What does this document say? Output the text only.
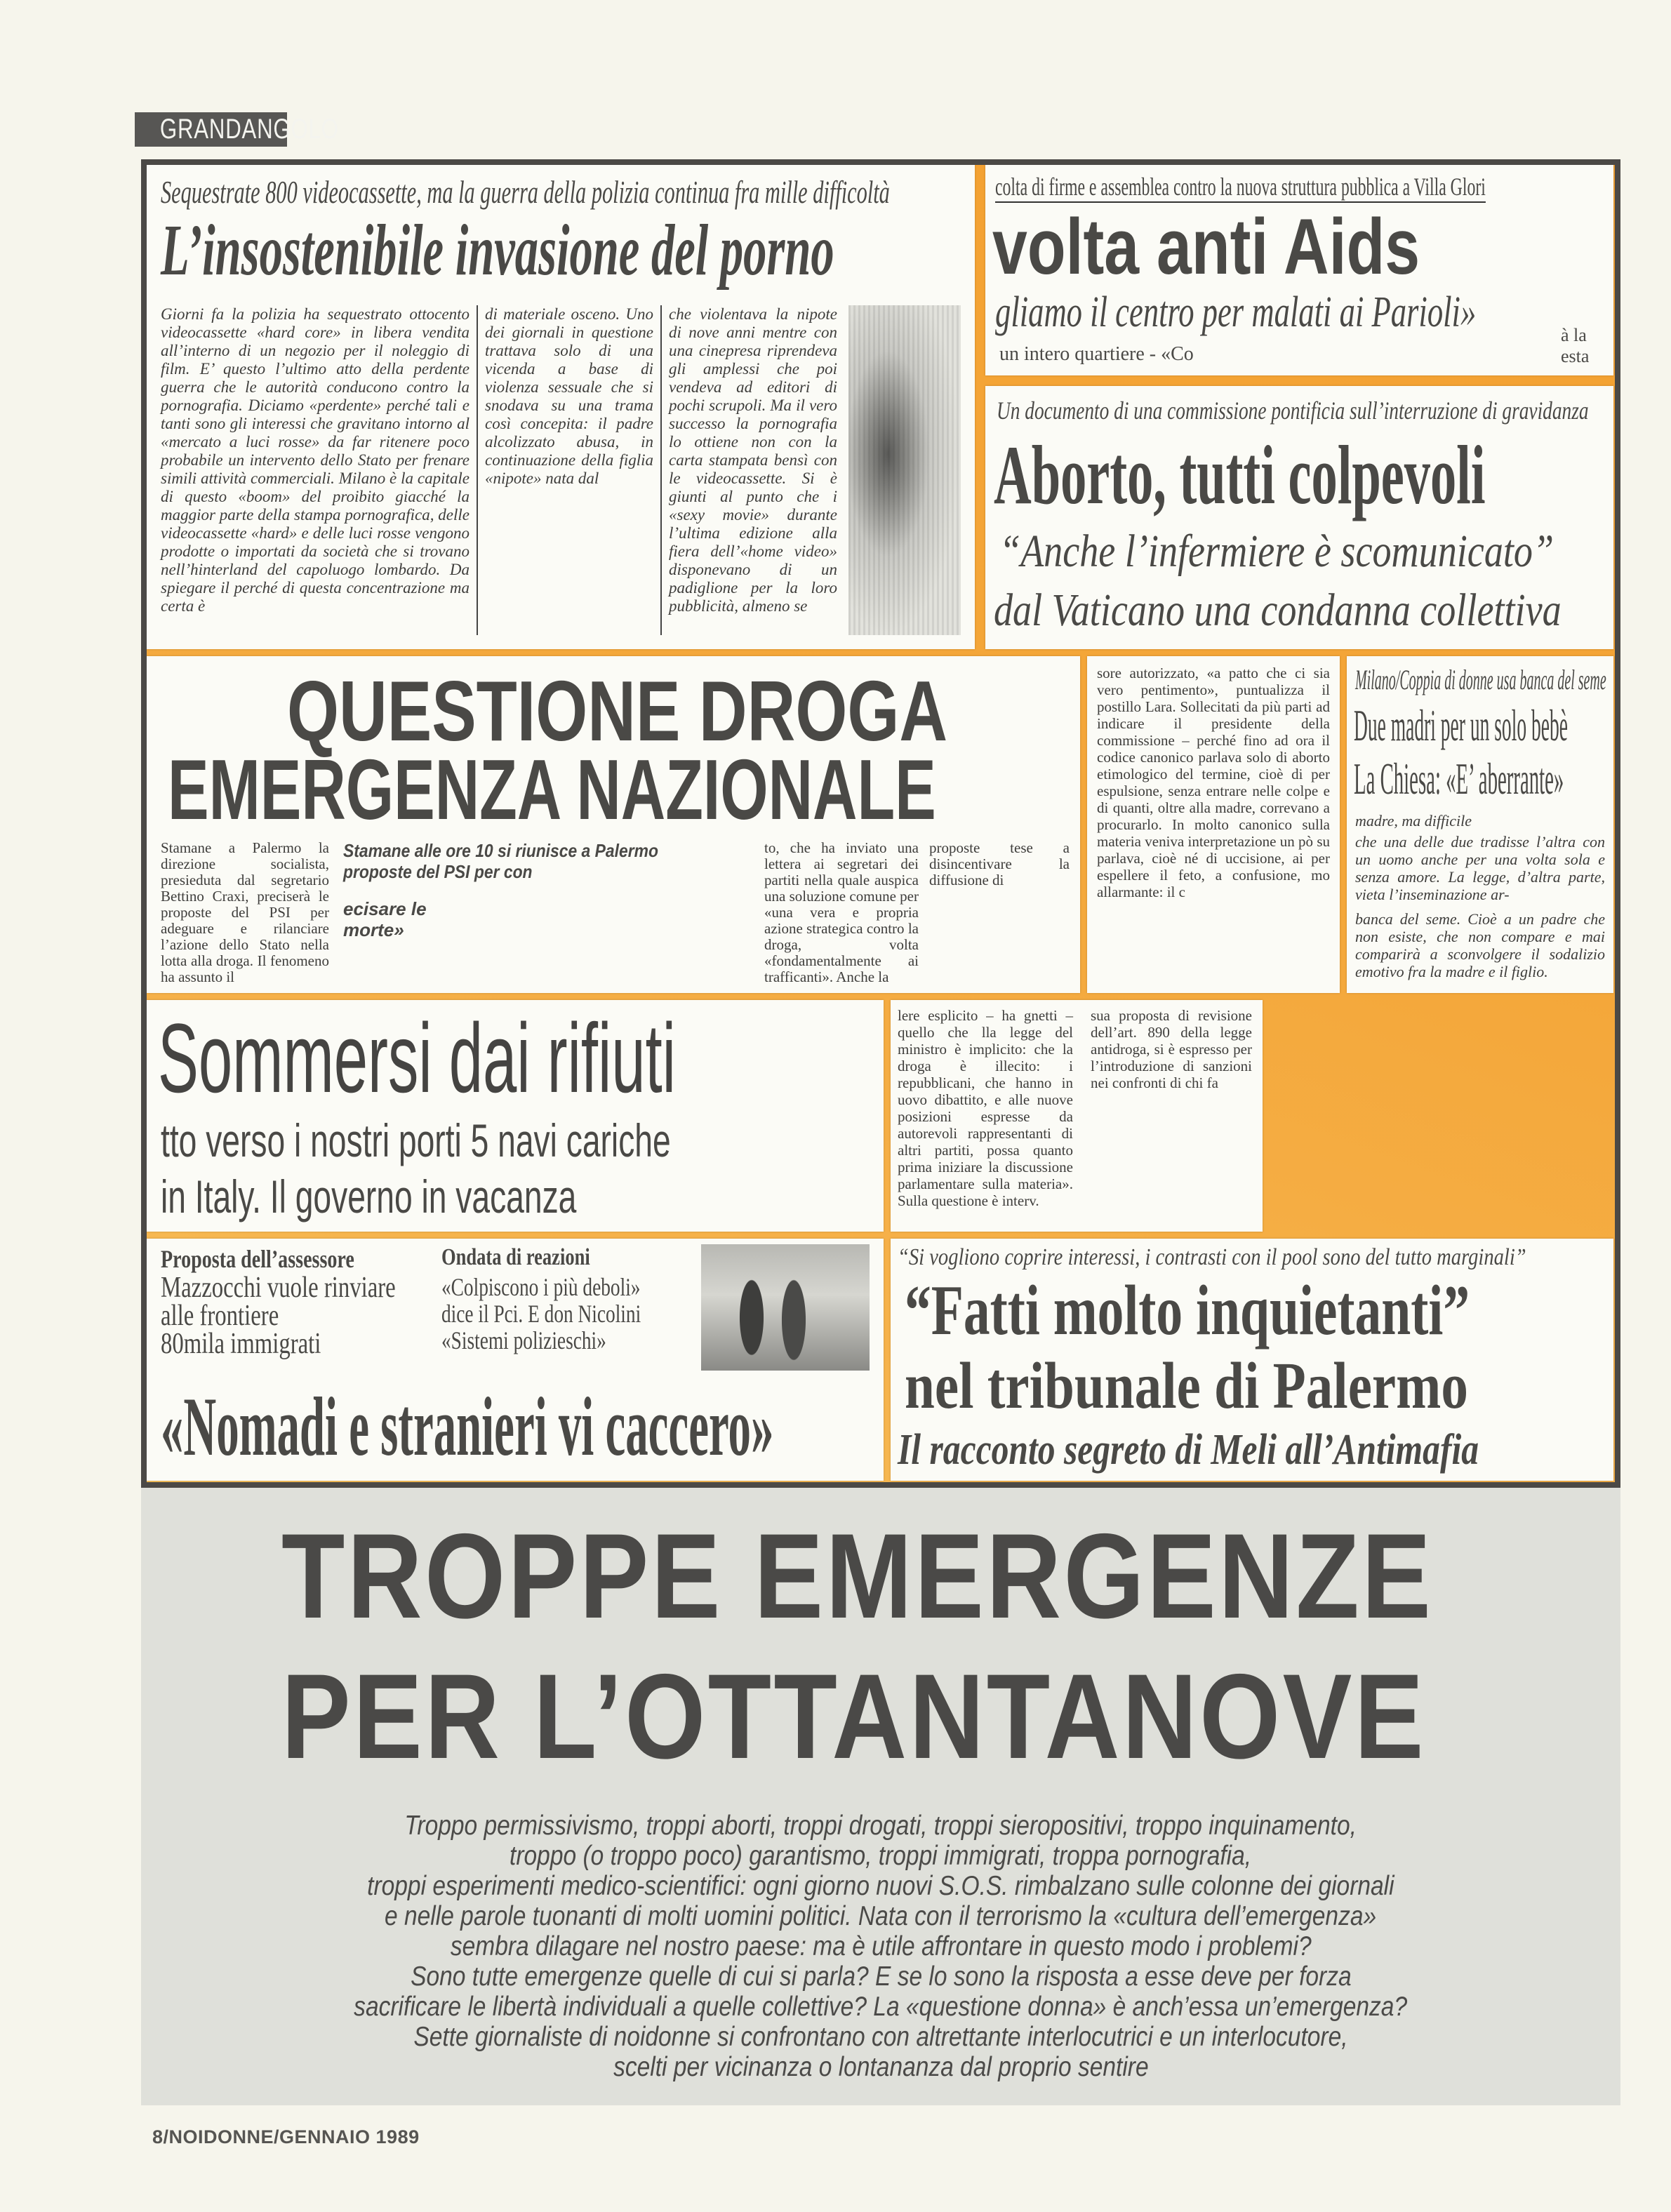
GRANDANGOLO
Sequestrate 800 videocassette, ma la guerra della polizia continua fra mille difficoltà
L’insostenibile invasione del porno
Giorni fa la polizia ha sequestrato ottocento videocassette «hard core» in libera vendita all’interno di un negozio per il noleggio di film. E’ questo l’ultimo atto della perdente guerra che le autorità conducono contro la pornografia. Diciamo «perdente» perché tali e tanti sono gli interessi che gravitano intorno al «mercato a luci rosse» da far ritenere poco probabile un intervento dello Stato per frenare simili attività commerciali. Milano è la capitale di questo «boom» del proibito giacché la maggior parte della stampa pornografica, delle videocassette «hard» e delle luci rosse vengono prodotte o importati da società che si trovano nell’hinterland del capoluogo lombardo. Da spiegare il perché di questa concentrazione ma certa è
di materiale osceno. Uno dei giornali in questione trattava solo di una vicenda a base di violenza sessuale che si snodava su una trama così concepita: il padre alcolizzato abusa, in continuazione della figlia «nipote» nata dal
che violentava la nipote di nove anni mentre con una cinepresa riprendeva gli amplessi che poi vendeva ad editori di pochi scrupoli. Ma il vero successo la pornografia lo ottiene non con la carta stampata bensì con le videocassette. Si è giunti al punto che i «sexy movie» durante l’ultima edizione alla fiera dell’«home video» disponevano di un padiglione per la loro pubblicità, almeno se
colta di firme e assemblea contro la nuova struttura pubblica a Villa Glori
volta anti Aids
gliamo il centro per malati ai Parioli»
un intero quartiere - «Co
à la
esta
Un documento di una commissione pontificia sull’interruzione di gravidanza
Aborto, tutti colpevoli
“Anche l’infermiere è scomunicato”
dal Vaticano una condanna collettiva
QUESTIONE DROGA
EMERGENZA NAZIONALE
Stamane a Palermo la direzione socialista, presieduta dal segretario Bettino Craxi, preciserà le proposte del PSI per adeguare e rilanciare l’azione dello Stato nella lotta alla droga. Il fenomeno ha assunto il
Stamane alle ore 10 si riunisce a Palermo
proposte del PSI per con
ecisare le
morte»
to, che ha inviato una lettera ai segretari dei partiti nella quale auspica una soluzione comune per «una vera e propria azione strategica contro la droga, volta «fondamentalmente ai trafficanti». Anche la
proposte tese a disincentivare la diffusione di
sore autorizzato, «a patto che ci sia vero pentimento», puntualizza il postillo Lara. Sollecitati da più parti ad indicare il presidente della commissione – perché fino ad ora il codice canonico parlava solo di aborto etimologico del termine, cioè di per espulsione, senza entrare nelle colpe e di quanti, oltre alla madre, correvano a procurarlo. In molto canonico sulla materia veniva interpretazione un pò su parlava, cioè né di uccisione, ai per espellere il feto, a confusione, mo allarmante: il c
Milano/Coppia di donne usa banca del seme
Due madri per un solo bebè
La Chiesa: «E’ aberrante»
madre, ma difficile
che una delle due tradisse l’altra con un uomo anche per una volta sola e senza amore. La legge, d’altra parte, vieta l’inseminazione ar-
banca del seme. Cioè a un padre che non esiste, che non compare e mai comparirà a sconvolgere il sodalizio emotivo fra la madre e il figlio.
Sommersi dai rifiuti
tto verso i nostri porti 5 navi cariche
in Italy. Il governo in vacanza
lere esplicito – ha gnetti – quello che lla legge del ministro è implicito: che la droga è illecito: i repubblicani, che hanno in uovo dibattito, e alle nuove posizioni espresse da autorevoli rappresentanti di altri partiti, possa quanto prima iniziare la discussione parlamentare sulla materia». Sulla questione è interv.
sua proposta di revisione dell’art. 890 della legge antidroga, si è espresso per l’introduzione di sanzioni nei confronti di chi fa
Proposta dell’assessore
Mazzocchi vuole rinviare
alle frontiere
80mila immigrati
Ondata di reazioni
«Colpiscono i più deboli»
dice il Pci. E don Nicolini
«Sistemi polizieschi»
«Nomadi e stranieri vi caccero»
“Si vogliono coprire interessi, i contrasti con il pool sono del tutto marginali”
“Fatti molto inquietanti”
nel tribunale di Palermo
Il racconto segreto di Meli all’Antimafia
TROPPE EMERGENZE
PER L’OTTANTANOVE
Troppo permissivismo, troppi aborti, troppi drogati, troppi sieropositivi, troppo inquinamento,
troppo (o troppo poco) garantismo, troppi immigrati, troppa pornografia,
troppi esperimenti medico-scientifici: ogni giorno nuovi S.O.S. rimbalzano sulle colonne dei giornali
e nelle parole tuonanti di molti uomini politici. Nata con il terrorismo la «cultura dell’emergenza»
sembra dilagare nel nostro paese: ma è utile affrontare in questo modo i problemi?
Sono tutte emergenze quelle di cui si parla? E se lo sono la risposta a esse deve per forza
sacrificare le libertà individuali a quelle collettive? La «questione donna» è anch’essa un’emergenza?
Sette giornaliste di noidonne si confrontano con altrettante interlocutrici e un interlocutore,
scelti per vicinanza o lontananza dal proprio sentire
8/NOIDONNE/GENNAIO 1989
